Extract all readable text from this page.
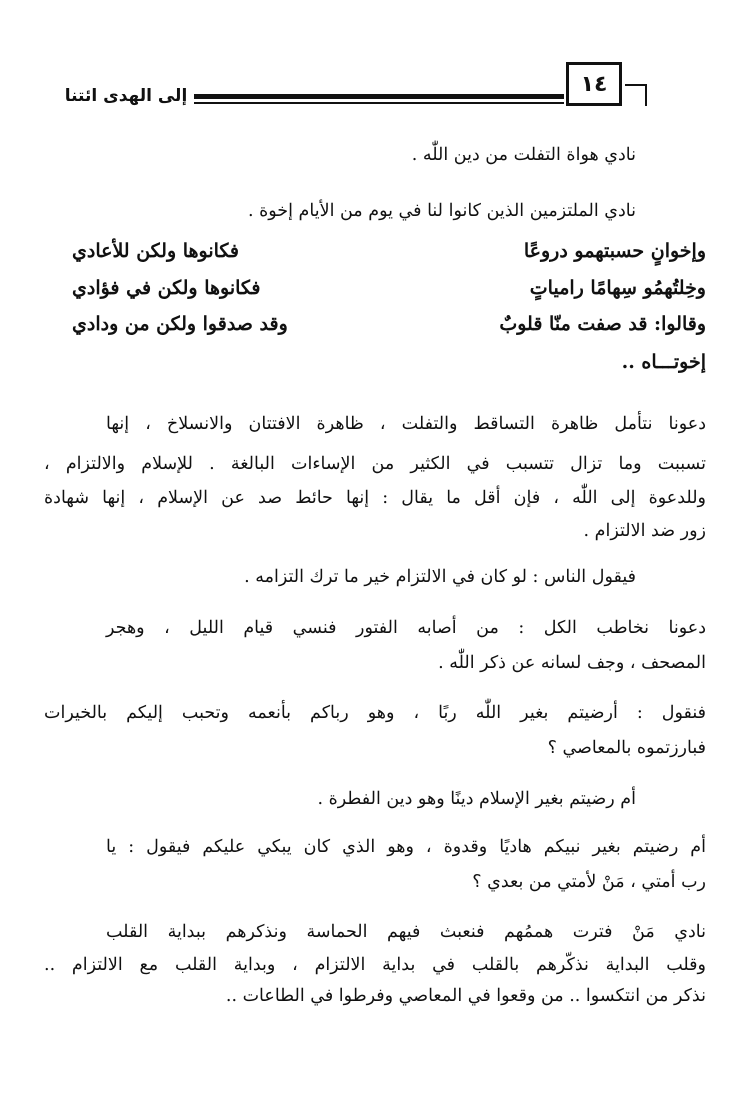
إلى الهدى ائتنا	١٤
نادي هواة التفلت من دين اللّٰه .
نادي الملتزمين الذين كانوا لنا في يوم من الأيام إخوة .
وإخوانٍ حسبتهمو دروعًا
فكانوها ولكن للأعادي
وخِلتُهمُو سِهامًا رامياتٍ
فكانوها ولكن في فؤادي
وقالوا: قد صفت منّا قلوبٌ
وقد صدقوا ولكن من ودادي
إخوتـــاه ..
دعونا نتأمل ظاهرة التساقط والتفلت ، ظاهرة الافتتان والانسلاخ ، إنها
تسببت وما تزال تتسبب في الكثير من الإساءات البالغة . للإسلام والالتزام ،
وللدعوة إلى اللّٰه ، فإن أقل ما يقال : إنها حائط صد عن الإسلام ، إنها شهادة
زور ضد الالتزام .
فيقول الناس : لو كان في الالتزام خير ما ترك التزامه .
دعونا نخاطب الكل : من أصابه الفتور فنسي قيام الليل ، وهجر
المصحف ، وجف لسانه عن ذكر اللّٰه .
فنقول : أرضيتم بغير اللّٰه ربًا ، وهو رباكم بأنعمه وتحبب إليكم بالخيرات
فبارزتموه بالمعاصي ؟
أم رضيتم بغير الإسلام دينًا وهو دين الفطرة .
أم رضيتم بغير نبيكم هاديًا وقدوة ، وهو الذي كان يبكي عليكم فيقول : يا
رب أمتي ، مَنْ لأمتي من بعدي ؟
نادي مَنْ فترت هممُهم فنعبث فيهم الحماسة ونذكرهم ببداية القلب
وقلب البداية نذكّرهم بالقلب في بداية الالتزام ، وبداية القلب مع الالتزام ..
نذكر من انتكسوا .. من وقعوا في المعاصي وفرطوا في الطاعات ..
